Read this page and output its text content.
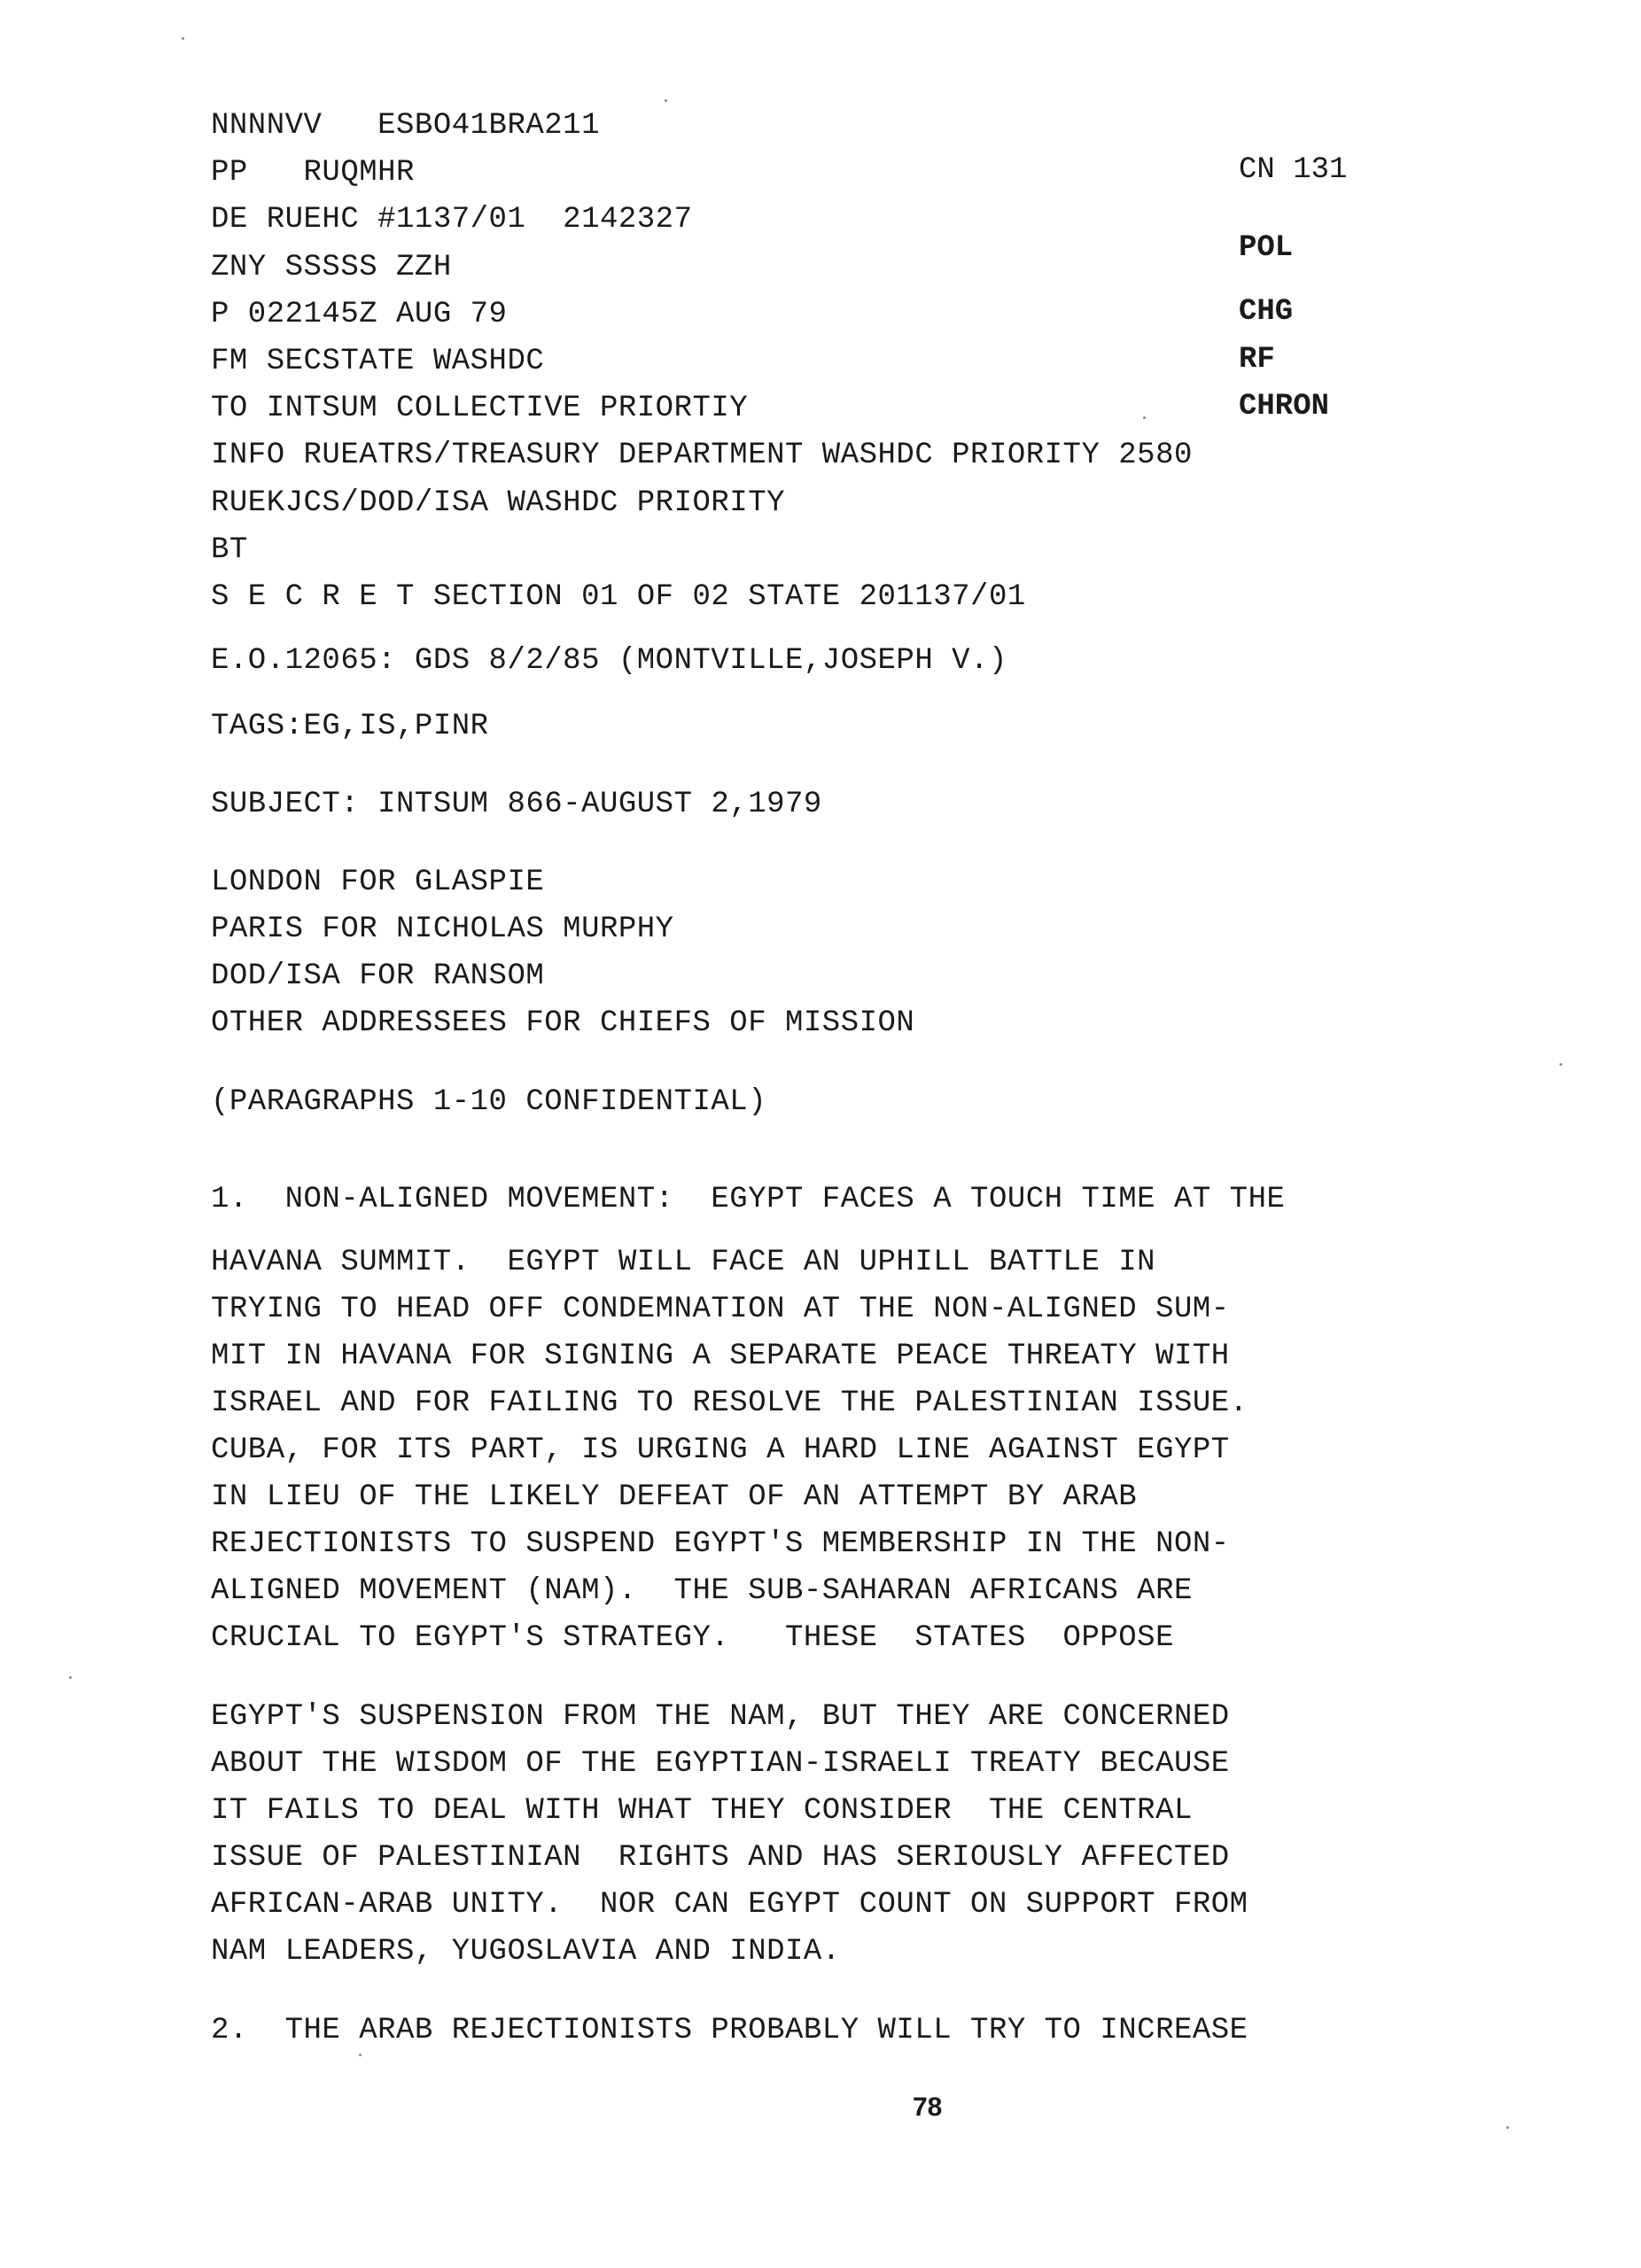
NNNNVV   ESBO41BRA211
PP   RUQMHR
DE RUEHC #1137/01  2142327
ZNY SSSSS ZZH
P 022145Z AUG 79
FM SECSTATE WASHDC
TO INTSUM COLLECTIVE PRIORTIY
INFO RUEATRS/TREASURY DEPARTMENT WASHDC PRIORITY 2580
RUEKJCS/DOD/ISA WASHDC PRIORITY
BT
S E C R E T SECTION 01 OF 02 STATE 201137/01
E.O.12065: GDS 8/2/85 (MONTVILLE,JOSEPH V.)
TAGS:EG,IS,PINR
SUBJECT: INTSUM 866-AUGUST 2,1979
CN 131
POL
CHG
RF
CHRON
LONDON FOR GLASPIE
PARIS FOR NICHOLAS MURPHY
DOD/ISA FOR RANSOM
OTHER ADDRESSEES FOR CHIEFS OF MISSION
(PARAGRAPHS 1-10 CONFIDENTIAL)
1.  NON-ALIGNED MOVEMENT:  EGYPT FACES A TOUCH TIME AT THE
HAVANA SUMMIT.  EGYPT WILL FACE AN UPHILL BATTLE IN
TRYING TO HEAD OFF CONDEMNATION AT THE NON-ALIGNED SUM-
MIT IN HAVANA FOR SIGNING A SEPARATE PEACE THREATY WITH
ISRAEL AND FOR FAILING TO RESOLVE THE PALESTINIAN ISSUE.
CUBA, FOR ITS PART, IS URGING A HARD LINE AGAINST EGYPT
IN LIEU OF THE LIKELY DEFEAT OF AN ATTEMPT BY ARAB
REJECTIONISTS TO SUSPEND EGYPT'S MEMBERSHIP IN THE NON-
ALIGNED MOVEMENT (NAM).  THE SUB-SAHARAN AFRICANS ARE
CRUCIAL TO EGYPT'S STRATEGY.   THESE  STATES  OPPOSE
EGYPT'S SUSPENSION FROM THE NAM, BUT THEY ARE CONCERNED
ABOUT THE WISDOM OF THE EGYPTIAN-ISRAELI TREATY BECAUSE
IT FAILS TO DEAL WITH WHAT THEY CONSIDER  THE CENTRAL
ISSUE OF PALESTINIAN  RIGHTS AND HAS SERIOUSLY AFFECTED
AFRICAN-ARAB UNITY.  NOR CAN EGYPT COUNT ON SUPPORT FROM
NAM LEADERS, YUGOSLAVIA AND INDIA.
2.  THE ARAB REJECTIONISTS PROBABLY WILL TRY TO INCREASE
78
